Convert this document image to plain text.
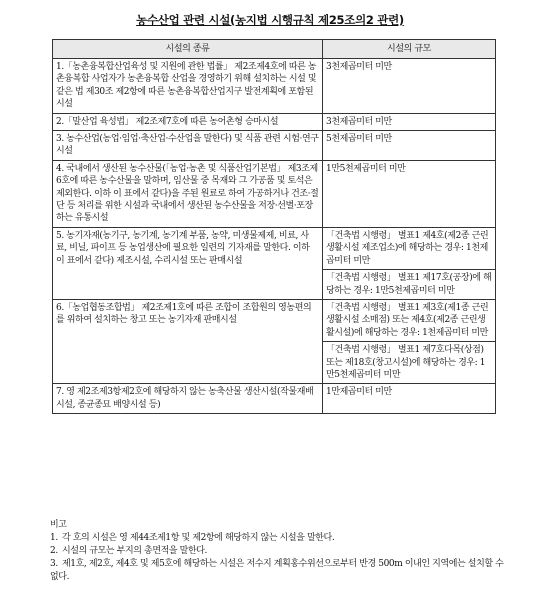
농수산업 관련 시설(농지법 시행규칙 제25조의2 관련)
시설의 종류	시설의 규모
1.「농촌융복합산업육성 및 지원에 관한 법률」 제2조제4호에 따른 농촌융복합 사업자가 농촌융복합 산업을 경영하기 위해 설치하는 시설 및 같은 법 제30조 제2항에 따른 농촌융복합산업지구 발전계획에 포함된 시설	3천제곱미터 미만

2.「말산업 육성법」 제2조제7호에 따른 농어촌형 승마시설	3천제곱미터 미만

3. 농수산업(농업·임업·축산업·수산업을 말한다) 및 식품 관련 시험·연구시설	5천제곱미터 미만

4. 국내에서 생산된 농수산물(「농업·농촌 및 식품산업기본법」 제3조제6호에 따른 농수산물을 말하며, 임산물 중 목재와 그 가공품 및 토석은 제외한다. 이하 이 표에서 같다)을 주된 원료로 하여 가공하거나 건조·절단 등 처리를 위한 시설과 국내에서 생산된 농수산물을 저장·선별·포장하는 유통시설	1만5천제곱미터 미만

5. 농기자재(농기구, 농기계, 농기계 부품, 농약, 미생물제제, 비료, 사료, 비닐, 파이프 등 농업생산에 필요한 일련의 기자재를 말한다. 이하 이 표에서 같다) 제조시설, 수리시설 또는 판매시설	「건축법 시행령」 별표1 제4호(제2종 근린생활시설 제조업소)에 해당하는 경우: 1천제곱미터 미만
「건축법 시행령」 별표1 제17호(공장)에 해당하는 경우: 1만5천제곱미터 미만

6.「농업협동조합법」 제2조제1호에 따른 조합이 조합원의 영농편의를 위하여 설치하는 창고 또는 농기자재 판매시설	「건축법 시행령」 별표1 제3호(제1종 근린생활시설 소매점) 또는 제4호(제2종 근린생활시설)에 해당하는 경우: 1천제곱미터 미만
「건축법 시행령」 별표1 제7호다목(상점) 또는 제18호(창고시설)에 해당하는 경우: 1만5천제곱미터 미만

7. 영 제2조제3항제2호에 해당하지 않는 농축산물 생산시설(작물재배시설, 종균종묘 배양시설 등)	1만제곱미터 미만

비고

1. 각 호의 시설은 영 제44조제1항 및 제2항에 해당하지 않는 시설을 말한다.

2. 시설의 규모는 부지의 총면적을 말한다.

3. 제1호, 제2호, 제4호 및 제5호에 해당하는 시설은 저수지 계획홍수위선으로부터 반경 500m 이내인 지역에는 설치할 수 없다.
